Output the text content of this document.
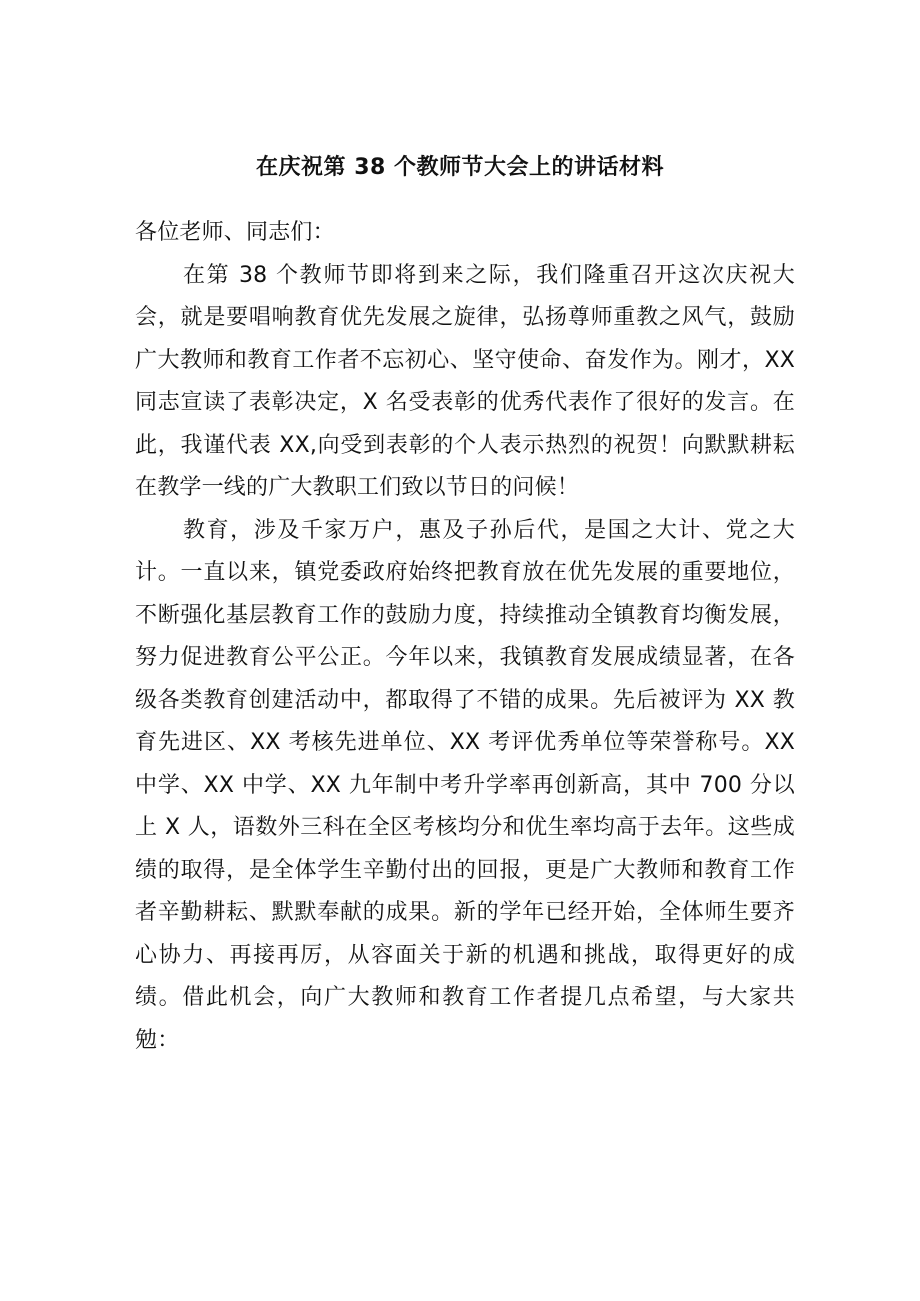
在庆祝第 38 个教师节大会上的讲话材料

各位老师、同志们：

在第 38 个教师节即将到来之际，我们隆重召开这次庆祝大会，就是要唱响教育优先发展之旋律，弘扬尊师重教之风气，鼓励广大教师和教育工作者不忘初心、坚守使命、奋发作为。刚才，XX 同志宣读了表彰决定，X 名受表彰的优秀代表作了很好的发言。在此，我谨代表 XX,向受到表彰的个人表示热烈的祝贺！向默默耕耘在教学一线的广大教职工们致以节日的问候！

教育，涉及千家万户，惠及子孙后代，是国之大计、党之大计。一直以来，镇党委政府始终把教育放在优先发展的重要地位，不断强化基层教育工作的鼓励力度，持续推动全镇教育均衡发展，努力促进教育公平公正。今年以来，我镇教育发展成绩显著，在各级各类教育创建活动中，都取得了不错的成果。先后被评为 XX 教育先进区、XX 考核先进单位、XX 考评优秀单位等荣誉称号。XX 中学、XX 中学、XX 九年制中考升学率再创新高，其中 700 分以上 X 人，语数外三科在全区考核均分和优生率均高于去年。这些成绩的取得，是全体学生辛勤付出的回报，更是广大教师和教育工作者辛勤耕耘、默默奉献的成果。新的学年已经开始，全体师生要齐心协力、再接再厉，从容面关于新的机遇和挑战，取得更好的成绩。借此机会，向广大教师和教育工作者提几点希望，与大家共勉：
